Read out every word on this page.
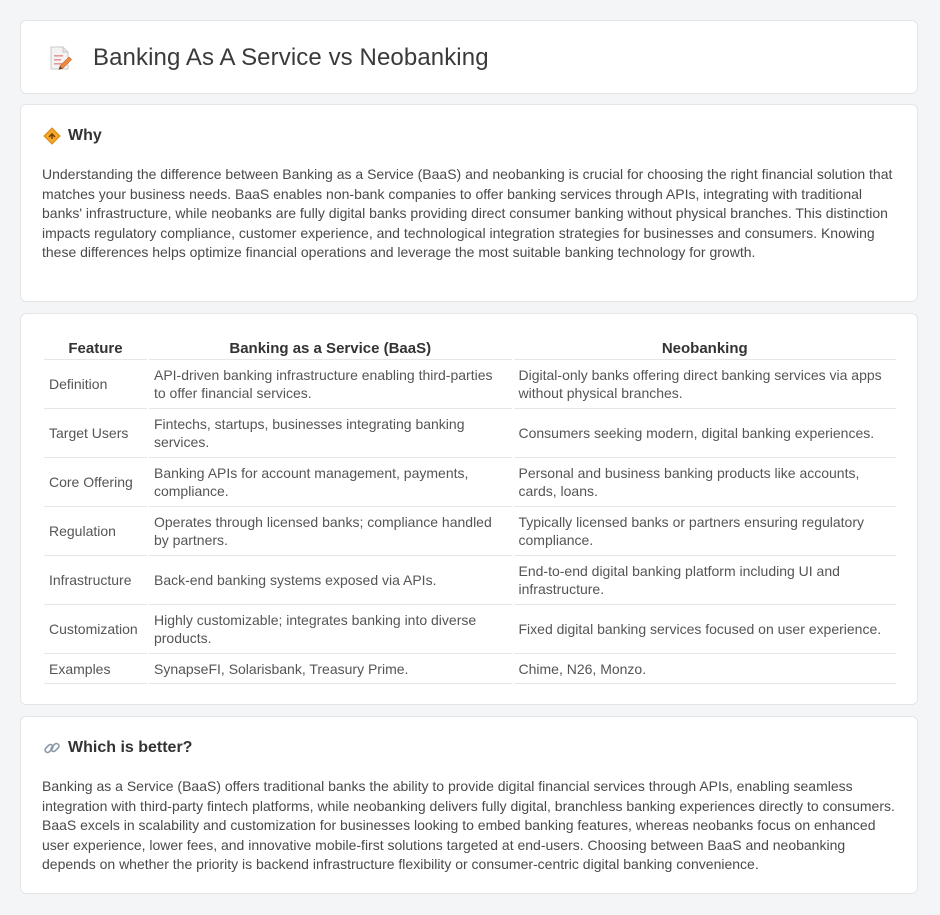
Banking As A Service vs Neobanking
Why

Understanding the difference between Banking as a Service (BaaS) and neobanking is crucial for choosing the right financial solution that matches your business needs. BaaS enables non-bank companies to offer banking services through APIs, integrating with traditional banks' infrastructure, while neobanks are fully digital banks providing direct consumer banking without physical branches. This distinction impacts regulatory compliance, customer experience, and technological integration strategies for businesses and consumers. Knowing these differences helps optimize financial operations and leverage the most suitable banking technology for growth.

Feature	Banking as a Service (BaaS)	Neobanking
Definition	API-driven banking infrastructure enabling third-parties to offer financial services.	Digital-only banks offering direct banking services via apps without physical branches.
Target Users	Fintechs, startups, businesses integrating banking services.	Consumers seeking modern, digital banking experiences.
Core Offering	Banking APIs for account management, payments, compliance.	Personal and business banking products like accounts, cards, loans.
Regulation	Operates through licensed banks; compliance handled by partners.	Typically licensed banks or partners ensuring regulatory compliance.
Infrastructure	Back-end banking systems exposed via APIs.	End-to-end digital banking platform including UI and infrastructure.
Customization	Highly customizable; integrates banking into diverse products.	Fixed digital banking services focused on user experience.
Examples	SynapseFI, Solarisbank, Treasury Prime.	Chime, N26, Monzo.
Which is better?

Banking as a Service (BaaS) offers traditional banks the ability to provide digital financial services through APIs, enabling seamless integration with third-party fintech platforms, while neobanking delivers fully digital, branchless banking experiences directly to consumers. BaaS excels in scalability and customization for businesses looking to embed banking features, whereas neobanks focus on enhanced user experience, lower fees, and innovative mobile-first solutions targeted at end-users. Choosing between BaaS and neobanking depends on whether the priority is backend infrastructure flexibility or consumer-centric digital banking convenience.
